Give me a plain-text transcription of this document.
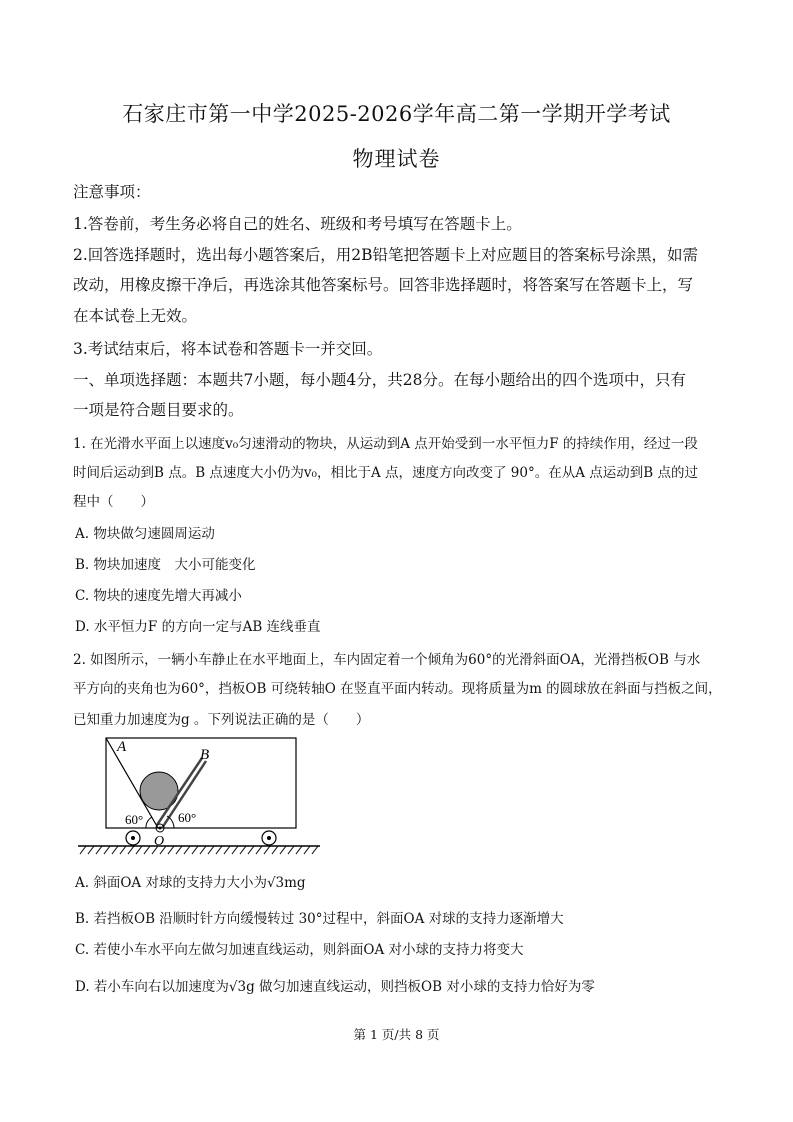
石家庄市第一中学2025-2026学年高二第一学期开学考试
物理试卷
注意事项：
1.答卷前，考生务必将自己的姓名、班级和考号填写在答题卡上。
2.回答选择题时，选出每小题答案后，用2B铅笔把答题卡上对应题目的答案标号涂黑，如需
改动，用橡皮擦干净后，再选涂其他答案标号。回答非选择题时，将答案写在答题卡上，写
在本试卷上无效。
3.考试结束后，将本试卷和答题卡一并交回。
一、单项选择题：本题共7小题，每小题4分，共28分。在每小题给出的四个选项中，只有
一项是符合题目要求的。
1. 在光滑水平面上以速度v₀匀速滑动的物块，从运动到A 点开始受到一水平恒力F 的持续作用，经过一段
时间后运动到B 点。B 点速度大小仍为v₀，相比于A 点，速度方向改变了 90°。在从A 点运动到B 点的过
程中（　　）
A. 物块做匀速圆周运动
B. 物块加速度　大小可能变化
C. 物块的速度先增大再减小
D. 水平恒力F 的方向一定与AB 连线垂直
2. 如图所示，一辆小车静止在水平地面上，车内固定着一个倾角为60°的光滑斜面OA，光滑挡板OB 与水
平方向的夹角也为60°，挡板OB 可绕转轴O 在竖直平面内转动。现将质量为m 的圆球放在斜面与挡板之间，
已知重力加速度为g 。下列说法正确的是（　　）
A	B
O
60°	60°
A. 斜面OA 对球的支持力大小为√3mg
B. 若挡板OB 沿顺时针方向缓慢转过 30°过程中，斜面OA 对球的支持力逐渐增大
C. 若使小车水平向左做匀加速直线运动，则斜面OA 对小球的支持力将变大
D. 若小车向右以加速度为√3g 做匀加速直线运动，则挡板OB 对小球的支持力恰好为零
第 1 页/共 8 页
